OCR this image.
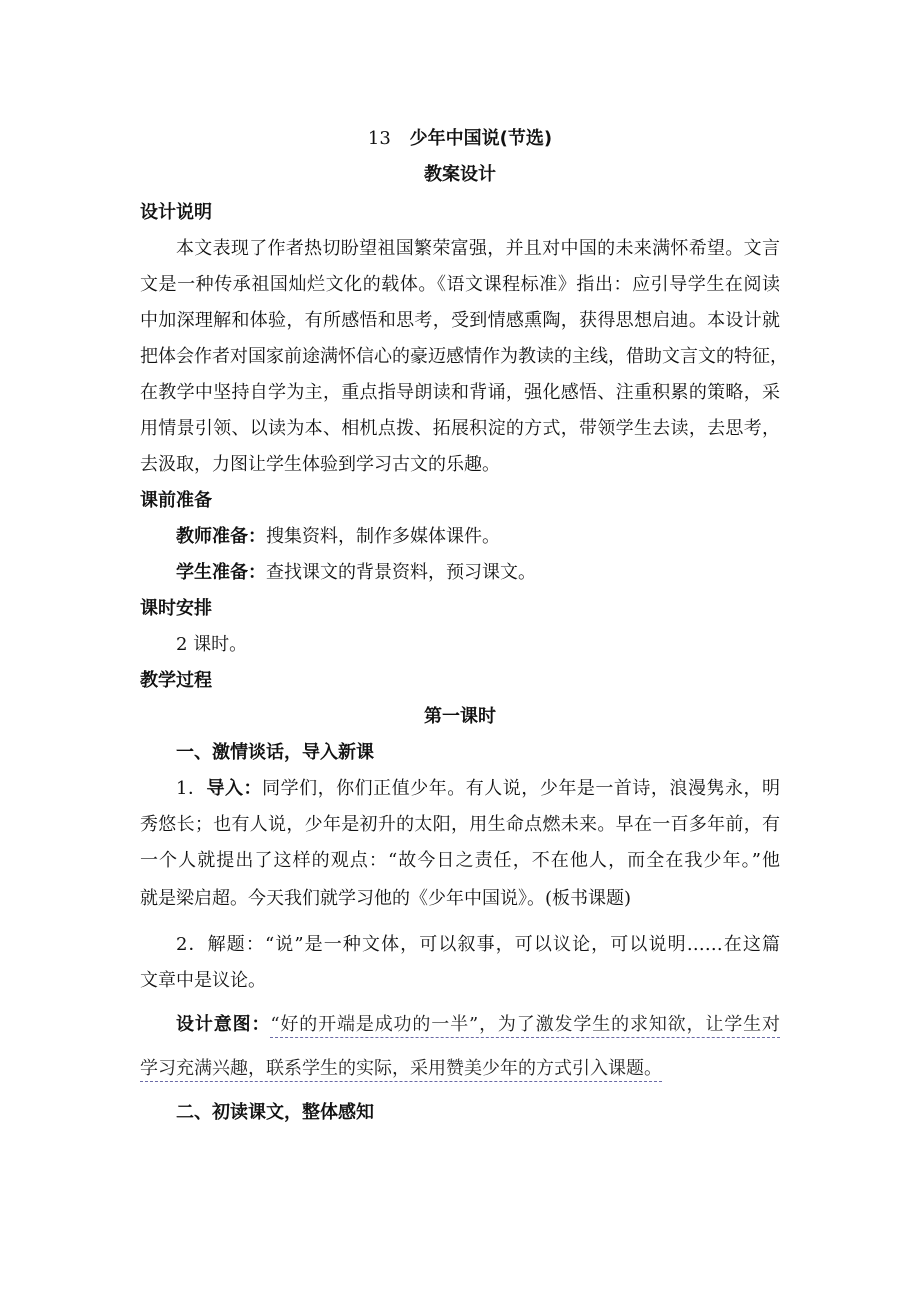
13 少年中国说(节选)
教案设计
设计说明
本文表现了作者热切盼望祖国繁荣富强，并且对中国的未来满怀希望。文言
文是一种传承祖国灿烂文化的载体。《语文课程标准》指出：应引导学生在阅读
中加深理解和体验，有所感悟和思考，受到情感熏陶，获得思想启迪。本设计就
把体会作者对国家前途满怀信心的豪迈感情作为教读的主线，借助文言文的特征，
在教学中坚持自学为主，重点指导朗读和背诵，强化感悟、注重积累的策略，采
用情景引领、以读为本、相机点拨、拓展积淀的方式，带领学生去读，去思考，
去汲取，力图让学生体验到学习古文的乐趣。
课前准备
教师准备：搜集资料，制作多媒体课件。
学生准备：查找课文的背景资料，预习课文。
课时安排
2 课时。
教学过程
第一课时
一、激情谈话，导入新课
1．导入：同学们，你们正值少年。有人说，少年是一首诗，浪漫隽永，明
秀悠长；也有人说，少年是初升的太阳，用生命点燃未来。早在一百多年前，有
一个人就提出了这样的观点：“故今日之责任，不在他人，而全在我少年。”他
就是梁启超。今天我们就学习他的《少年中国说》。(板书课题)
2．解题：“说”是一种文体，可以叙事，可以议论，可以说明……在这篇
文章中是议论。
设计意图：“好的开端是成功的一半”，为了激发学生的求知欲，让学生对
学习充满兴趣，联系学生的实际，采用赞美少年的方式引入课题。
二、初读课文，整体感知
